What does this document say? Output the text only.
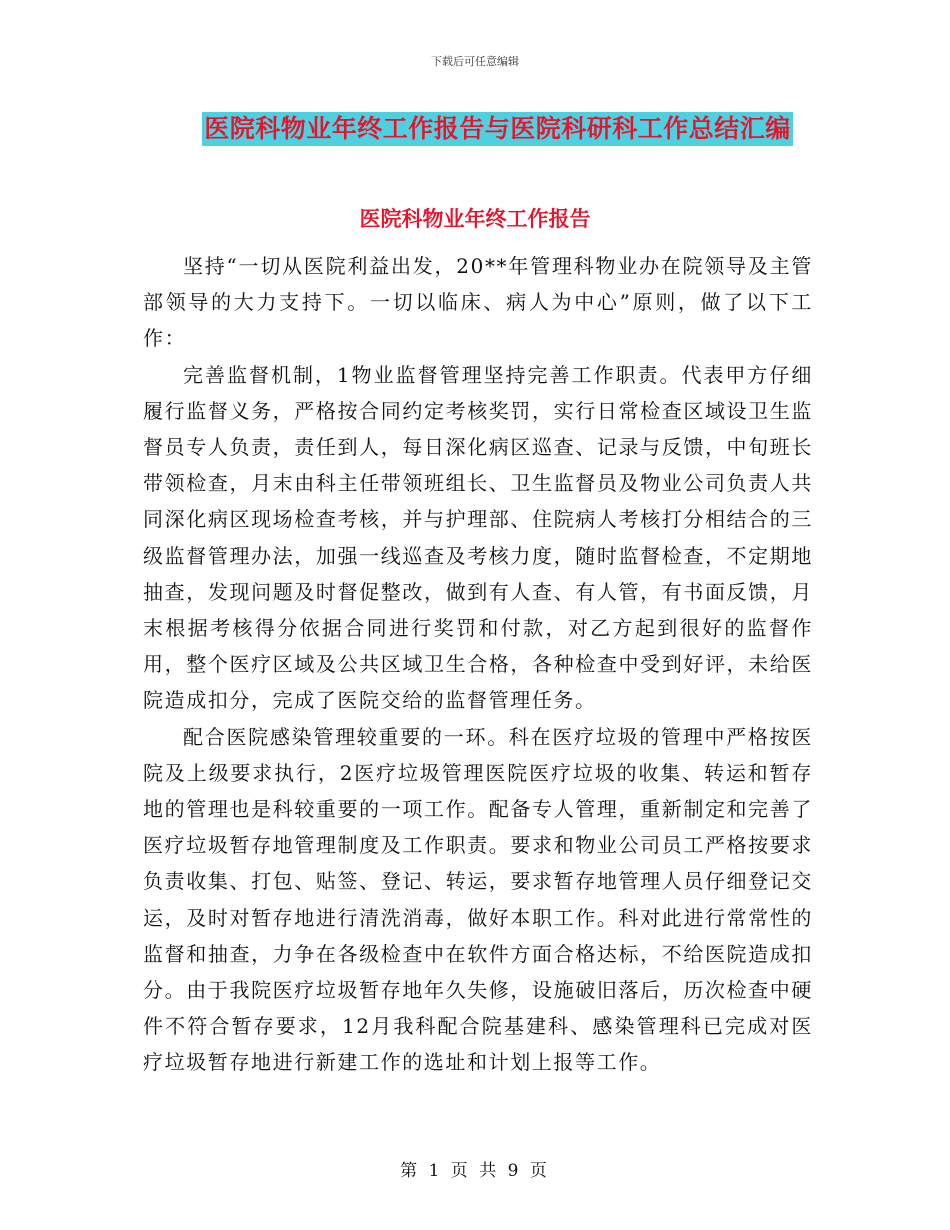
下载后可任意编辑
医院科物业年终工作报告与医院科研科工作总结汇编
医院科物业年终工作报告

坚持“一切从医院利益出发，20**年管理科物业办在院领导及主管部领导的大力支持下。一切以临床、病人为中心”原则，做了以下工作：

完善监督机制，1物业监督管理坚持完善工作职责。代表甲方仔细履行监督义务，严格按合同约定考核奖罚，实行日常检查区域设卫生监督员专人负责，责任到人，每日深化病区巡查、记录与反馈，中旬班长带领检查，月末由科主任带领班组长、卫生监督员及物业公司负责人共同深化病区现场检查考核，并与护理部、住院病人考核打分相结合的三级监督管理办法，加强一线巡查及考核力度，随时监督检查，不定期地抽查，发现问题及时督促整改，做到有人查、有人管，有书面反馈，月末根据考核得分依据合同进行奖罚和付款，对乙方起到很好的监督作用，整个医疗区域及公共区域卫生合格，各种检查中受到好评，未给医院造成扣分，完成了医院交给的监督管理任务。

配合医院感染管理较重要的一环。科在医疗垃圾的管理中严格按医院及上级要求执行，2医疗垃圾管理医院医疗垃圾的收集、转运和暂存地的管理也是科较重要的一项工作。配备专人管理，重新制定和完善了医疗垃圾暂存地管理制度及工作职责。要求和物业公司员工严格按要求负责收集、打包、贴签、登记、转运，要求暂存地管理人员仔细登记交运，及时对暂存地进行清洗消毒，做好本职工作。科对此进行常常性的监督和抽查，力争在各级检查中在软件方面合格达标，不给医院造成扣分。由于我院医疗垃圾暂存地年久失修，设施破旧落后，历次检查中硬件不符合暂存要求，12月我科配合院基建科、感染管理科已完成对医疗垃圾暂存地进行新建工作的选址和计划上报等工作。

第 1 页 共 9 页
